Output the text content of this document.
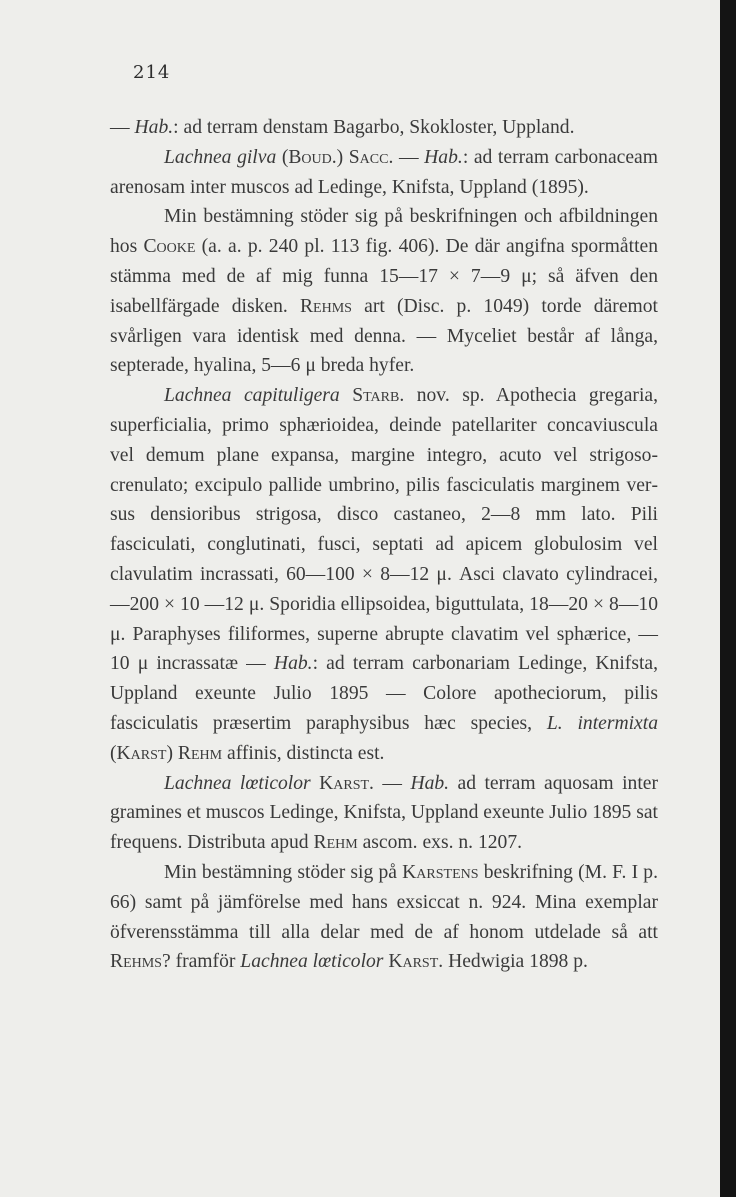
214

— Hab.: ad terram denstam Bagarbo, Skokloster, Uppland.

Lachnea gilva (Boud.) Sacc. — Hab.: ad terram carbonaceam arenosam inter muscos ad Ledinge, Knifsta, Uppland (1895).

Min bestämning stöder sig på beskrifningen och afbildningen hos Cooke (a. a. p. 240 pl. 113 fig. 406). De där angifna spormåtten stämma med de af mig funna 15—17 × 7—9 μ; så äfven den isabellfärgade disken. Rehms art (Disc. p. 1049) torde däremot svårligen vara identisk med denna. — Myceliet består af långa, septerade, hyalina, 5—6 μ breda hyfer.

Lachnea capituligera Starb. nov. sp. Apothecia gregaria, superficialia, primo sphærioidea, deinde patellariter concaviuscula vel demum plane expansa, margine integro, acuto vel strigoso-crenulato; excipulo pallide umbrino, pilis fasciculatis marginem versus densioribus strigosa, disco castaneo, 2—8 mm lato. Pili fasciculati, conglutinati, fusci, septati ad apicem globulosim vel clavulatim incrassati, 60—100 × 8—12 μ. Asci clavato cylindracei, —200 × 10 —12 μ. Sporidia ellipsoidea, biguttulata, 18—20 × 8—10 μ. Paraphyses filiformes, superne abrupte clavatim vel sphærice, —10 μ incrassatæ — Hab.: ad terram carbonariam Ledinge, Knifsta, Uppland exeunte Julio 1895 — Colore apotheciorum, pilis fasciculatis præsertim paraphysibus hæc species, L. intermixta (Karst) Rehm affinis, distincta est.

Lachnea lœticolor Karst. — Hab. ad terram aquosam inter gramines et muscos Ledinge, Knifsta, Uppland exeunte Julio 1895 sat frequens. Distributa apud Rehm ascom. exs. n. 1207.

Min bestämning stöder sig på Karstens beskrifning (M. F. I p. 66) samt på jämförelse med hans exsiccat n. 924. Mina exemplar öfverensstämma till alla delar med de af honom utdelade så att Rehms? framför Lachnea lœticolor Karst. Hedwigia 1898 p.
